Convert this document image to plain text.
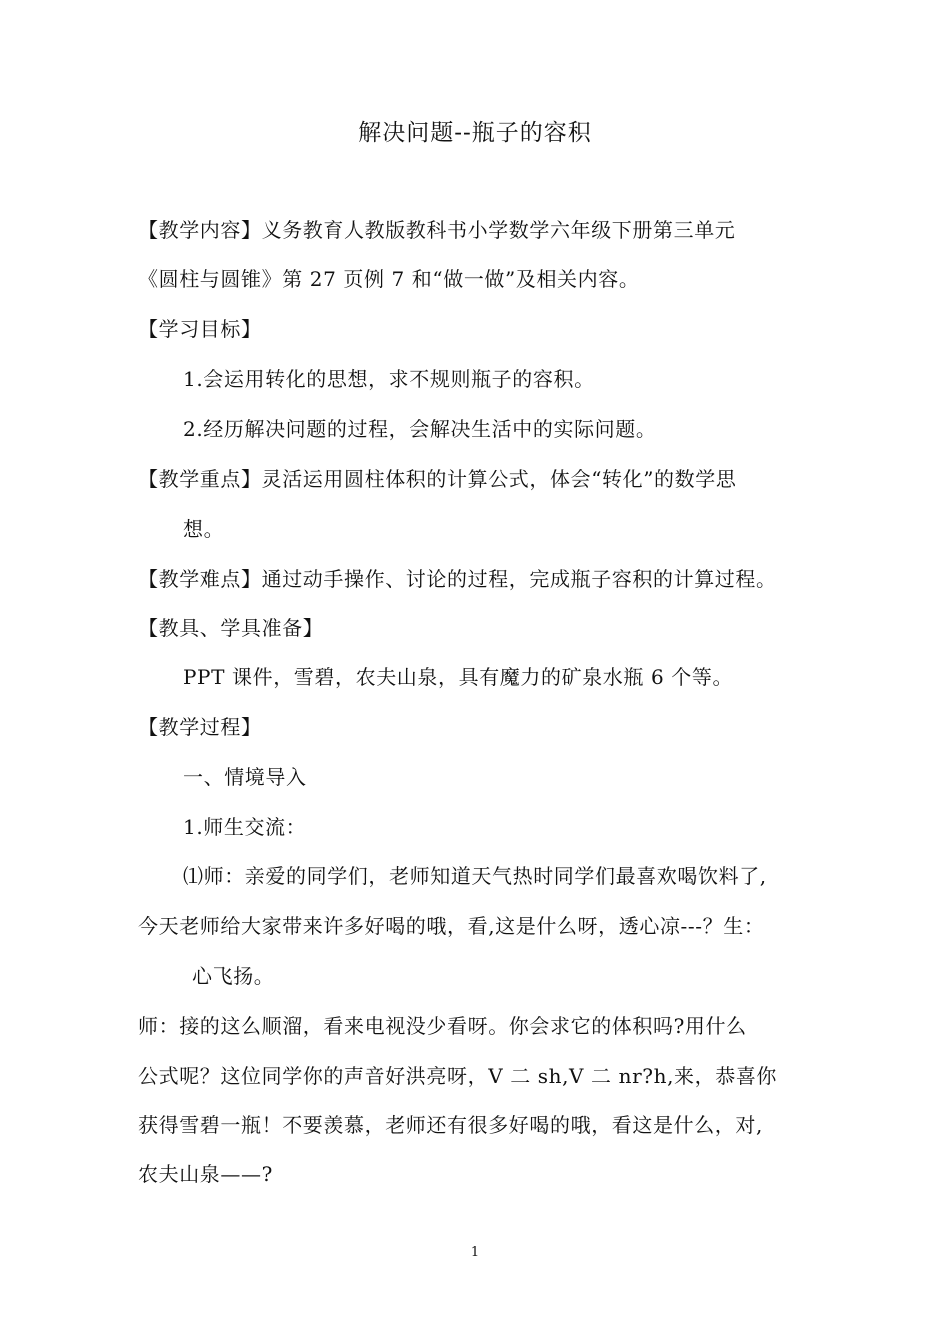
解决问题--瓶子的容积
【教学内容】义务教育人教版教科书小学数学六年级下册第三单元
《圆柱与圆锥》第 27 页例 7 和“做一做”及相关内容。
【学习目标】
1.会运用转化的思想，求不规则瓶子的容积。
2.经历解决问题的过程，会解决生活中的实际问题。
【教学重点】灵活运用圆柱体积的计算公式，体会“转化”的数学思
想。
【教学难点】通过动手操作、讨论的过程，完成瓶子容积的计算过程。
【教具、学具准备】
PPT 课件，雪碧，农夫山泉，具有魔力的矿泉水瓶 6 个等。
【教学过程】
一、情境导入
1.师生交流：
⑴师：亲爱的同学们，老师知道天气热时同学们最喜欢喝饮料了,
今天老师给大家带来许多好喝的哦，看,这是什么呀，透心凉---？生：
心飞扬。
师：接的这么顺溜，看来电视没少看呀。你会求它的体积吗?用什么
公式呢？这位同学你的声音好洪亮呀，V 二 sh,V 二 nr?h,来，恭喜你
获得雪碧一瓶！不要羡慕，老师还有很多好喝的哦，看这是什么，对,
农夫山泉——?
1
